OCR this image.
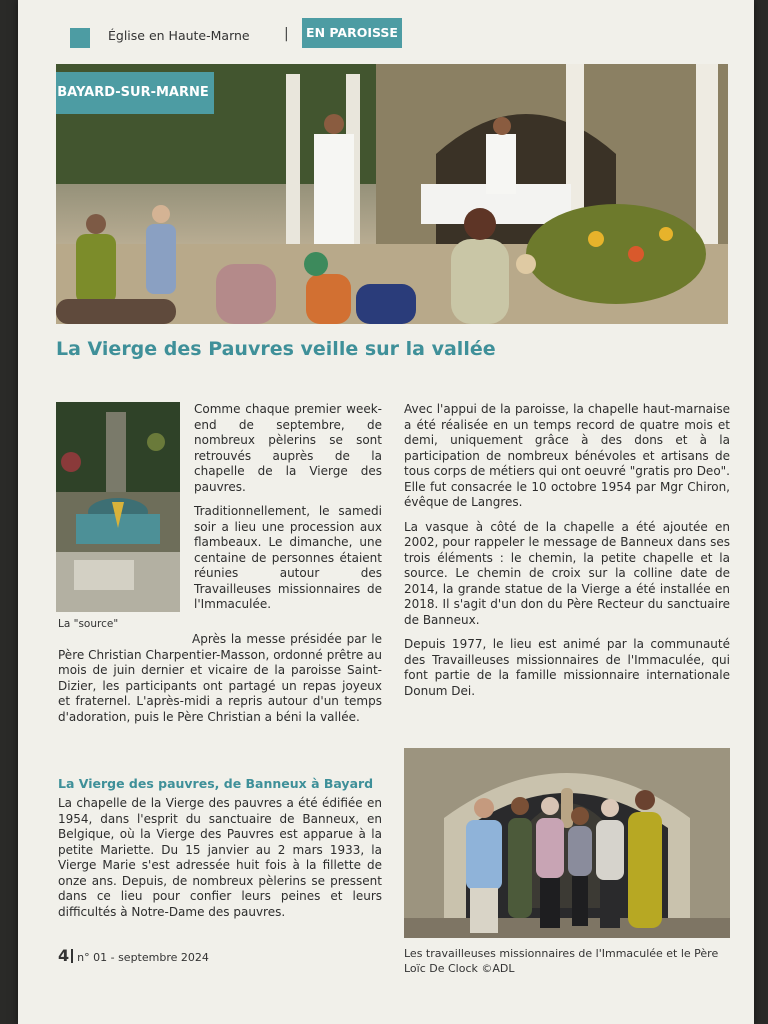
Église en Haute-Marne |	EN PAROISSE
BAYARD-SUR-MARNE
La Vierge des Pauvres veille sur la vallée
La "source"

Comme chaque premier week-end de septembre, de nombreux pèlerins se sont retrouvés auprès de la chapelle de la Vierge des pauvres.

Traditionnellement, le samedi soir a lieu une procession aux flambeaux. Le dimanche, une centaine de personnes étaient réunies autour des Travailleuses missionnaires de l'Immaculée.

Après la messe présidée par le Père Christian Charpentier-Masson, ordonné prêtre au mois de juin dernier et vicaire de la paroisse Saint-Dizier, les participants ont partagé un repas joyeux et fraternel. L'après-midi a repris autour d'un temps d'adoration, puis le Père Christian a béni la vallée.

La Vierge des pauvres, de Banneux à Bayard

La chapelle de la Vierge des pauvres a été édifiée en 1954, dans l'esprit du sanctuaire de Banneux, en Belgique, où la Vierge des Pauvres est apparue à la petite Mariette. Du 15 janvier au 2 mars 1933, la Vierge Marie s'est adressée huit fois à la fillette de onze ans. Depuis, de nombreux pèlerins se pressent dans ce lieu pour confier leurs peines et leurs difficultés à Notre-Dame des pauvres.

Avec l'appui de la paroisse, la chapelle haut-marnaise a été réalisée en un temps record de quatre mois et demi, uniquement grâce à des dons et à la participation de nombreux bénévoles et artisans de tous corps de métiers qui ont oeuvré "gratis pro Deo". Elle fut consacrée le 10 octobre 1954 par Mgr Chiron, évêque de Langres.

La vasque à côté de la chapelle a été ajoutée en 2002, pour rappeler le message de Banneux dans ses trois éléments : le chemin, la petite chapelle et la source. Le chemin de croix sur la colline date de 2014, la grande statue de la Vierge a été installée en 2018. Il s'agit d'un don du Père Recteur du sanctuaire de Banneux.

Depuis 1977, le lieu est animé par la communauté des Travailleuses missionnaires de l'Immaculée, qui font partie de la famille missionnaire internationale Donum Dei.

Les travailleuses missionnaires de l'Immaculée et le Père Loïc De Clock ©ADL
4 n° 01 - septembre 2024
